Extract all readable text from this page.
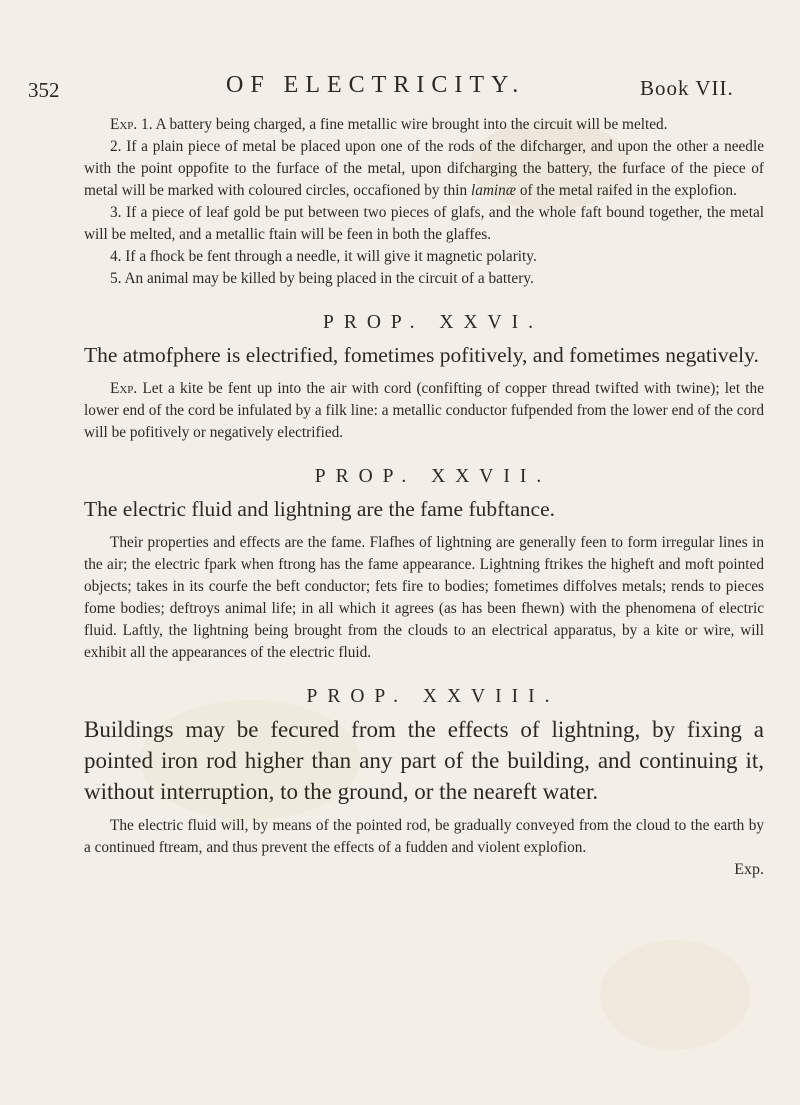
352	OF ELECTRICITY.	Book VII.

Exp. 1. A battery being charged, a fine metallic wire brought into the circuit will be melted.

2. If a plain piece of metal be placed upon one of the rods of the difcharger, and upon the other a needle with the point oppofite to the furface of the metal, upon difcharging the battery, the furface of the piece of metal will be marked with coloured circles, occafioned by thin laminæ of the metal raifed in the explofion.

3. If a piece of leaf gold be put between two pieces of glafs, and the whole faft bound together, the metal will be melted, and a metallic ftain will be feen in both the glaffes.

4. If a fhock be fent through a needle, it will give it magnetic polarity.

5. An animal may be killed by being placed in the circuit of a battery.

PROP. XXVI.

The atmofphere is electrified, fometimes pofitively, and fometimes negatively.

Exp. Let a kite be fent up into the air with cord (confifting of copper thread twifted with twine); let the lower end of the cord be infulated by a filk line: a metallic conductor fufpended from the lower end of the cord will be pofitively or negatively electrified.

PROP. XXVII.

The electric fluid and lightning are the fame fubftance.

Their properties and effects are the fame. Flafhes of lightning are generally feen to form irregular lines in the air; the electric fpark when ftrong has the fame appearance. Lightning ftrikes the higheft and moft pointed objects; takes in its courfe the beft conductor; fets fire to bodies; fometimes diffolves metals; rends to pieces fome bodies; deftroys animal life; in all which it agrees (as has been fhewn) with the phenomena of electric fluid. Laftly, the lightning being brought from the clouds to an electrical apparatus, by a kite or wire, will exhibit all the appearances of the electric fluid.

PROP. XXVIII.

Buildings may be fecured from the effects of lightning, by fixing a pointed iron rod higher than any part of the building, and continuing it, without interruption, to the ground, or the neareft water.

The electric fluid will, by means of the pointed rod, be gradually conveyed from the cloud to the earth by a continued ftream, and thus prevent the effects of a fudden and violent explofion.

Exp.
